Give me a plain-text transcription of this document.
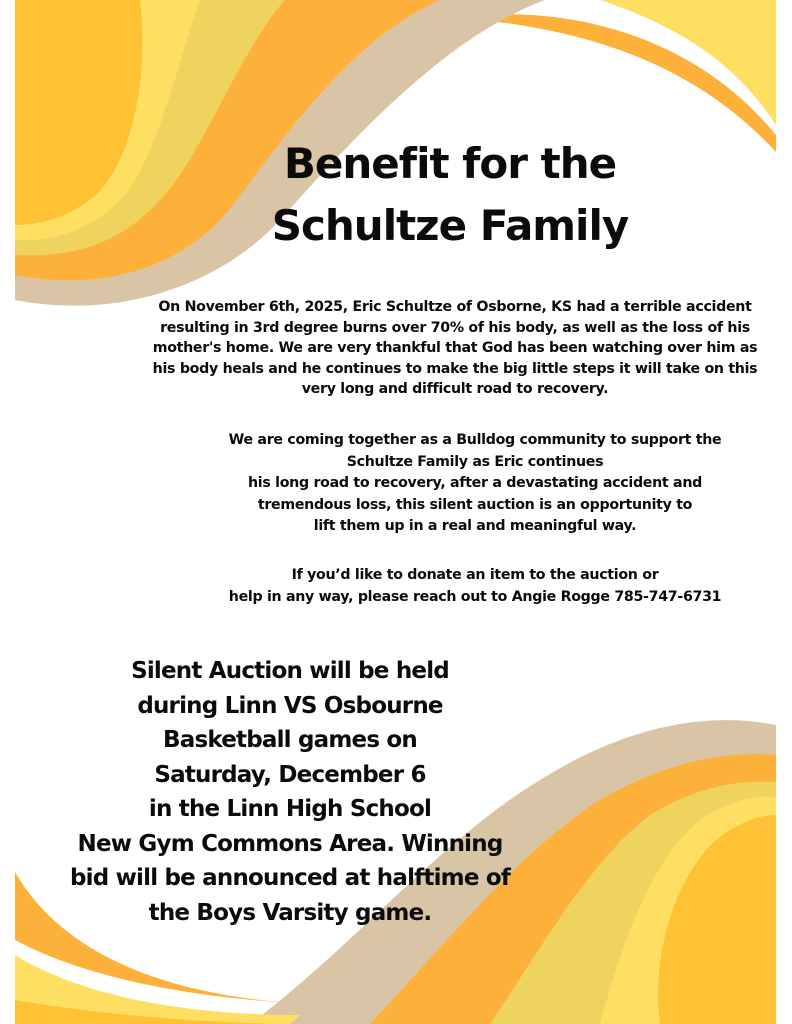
Benefit for the
Schultze Family
On November 6th, 2025, Eric Schultze of Osborne, KS had a terrible accident
resulting in 3rd degree burns over 70% of his body, as well as the loss of his
mother's home. We are very thankful that God has been watching over him as
his body heals and he continues to make the big little steps it will take on this
very long and difficult road to recovery.
We are coming together as a Bulldog community to support the
Schultze Family as Eric continues
his long road to recovery, after a devastating accident and
tremendous loss, this silent auction is an opportunity to
lift them up in a real and meaningful way.
If you’d like to donate an item to the auction or
help in any way, please reach out to Angie Rogge 785-747-6731
Silent Auction will be held
during Linn VS Osbourne
Basketball games on
Saturday, December 6
in the Linn High School
New Gym Commons Area. Winning
bid will be announced at halftime of
the Boys Varsity game.
